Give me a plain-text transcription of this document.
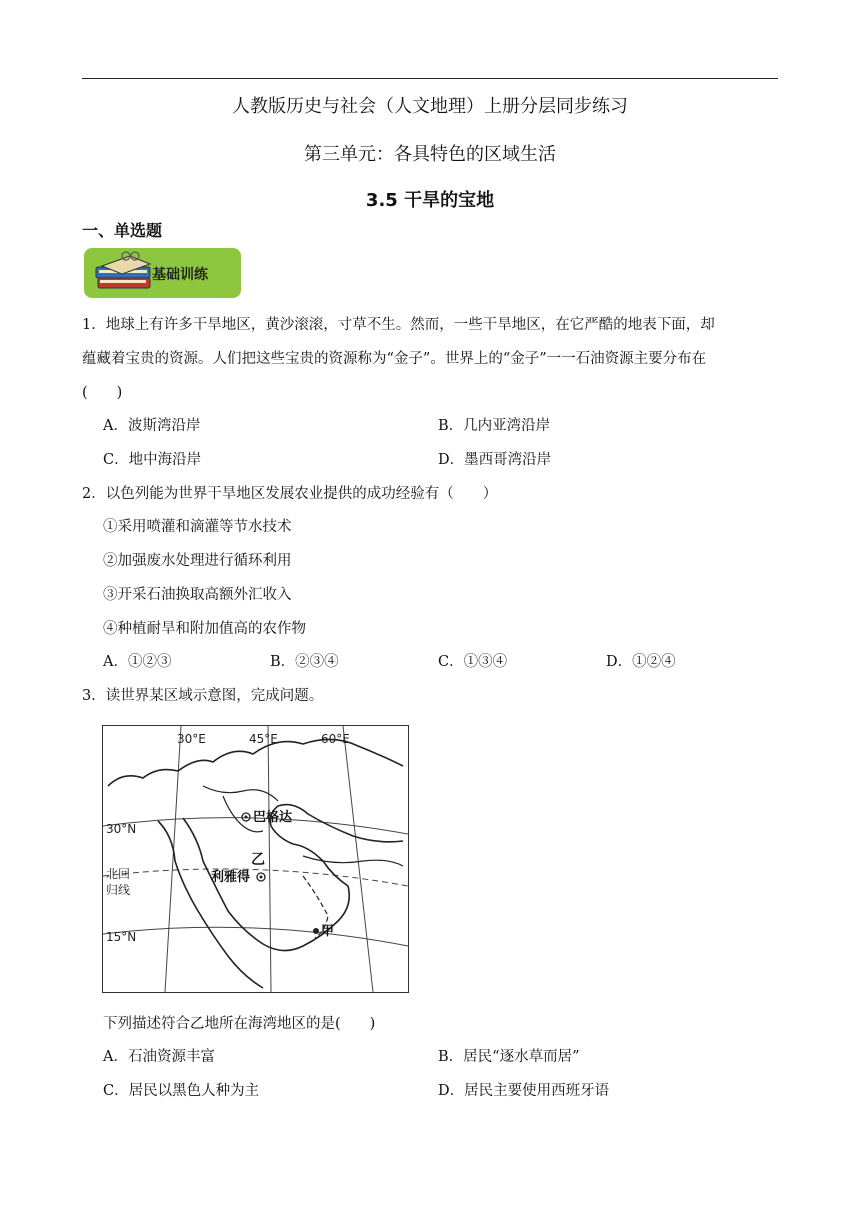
人教版历史与社会（人文地理）上册分层同步练习
第三单元：各具特色的区域生活
3.5 干旱的宝地
一、单选题
基础训练
1．地球上有许多干旱地区，黄沙滚滚，寸草不生。然而，一些干旱地区，在它严酷的地表下面，却
蕴藏着宝贵的资源。人们把这些宝贵的资源称为“金子”。世界上的“金子”一一石油资源主要分布在
(　　)
A．波斯湾沿岸	B．几内亚湾沿岸
C．地中海沿岸	D．墨西哥湾沿岸
2．以色列能为世界干旱地区发展农业提供的成功经验有（　　）
①采用喷灌和滴灌等节水技术
②加强废水处理进行循环利用
③开采石油换取高额外汇收入
④种植耐旱和附加值高的农作物
A．①②③	B．②③④	C．①③④	D．①②④
3．读世界某区域示意图，完成问题。
30°E	45°E	60°E
30°N
北回
归线
15°N
巴格达
乙
利雅得
甲
下列描述符合乙地所在海湾地区的是(　　)
A．石油资源丰富	B．居民“逐水草而居”
C．居民以黑色人种为主	D．居民主要使用西班牙语
